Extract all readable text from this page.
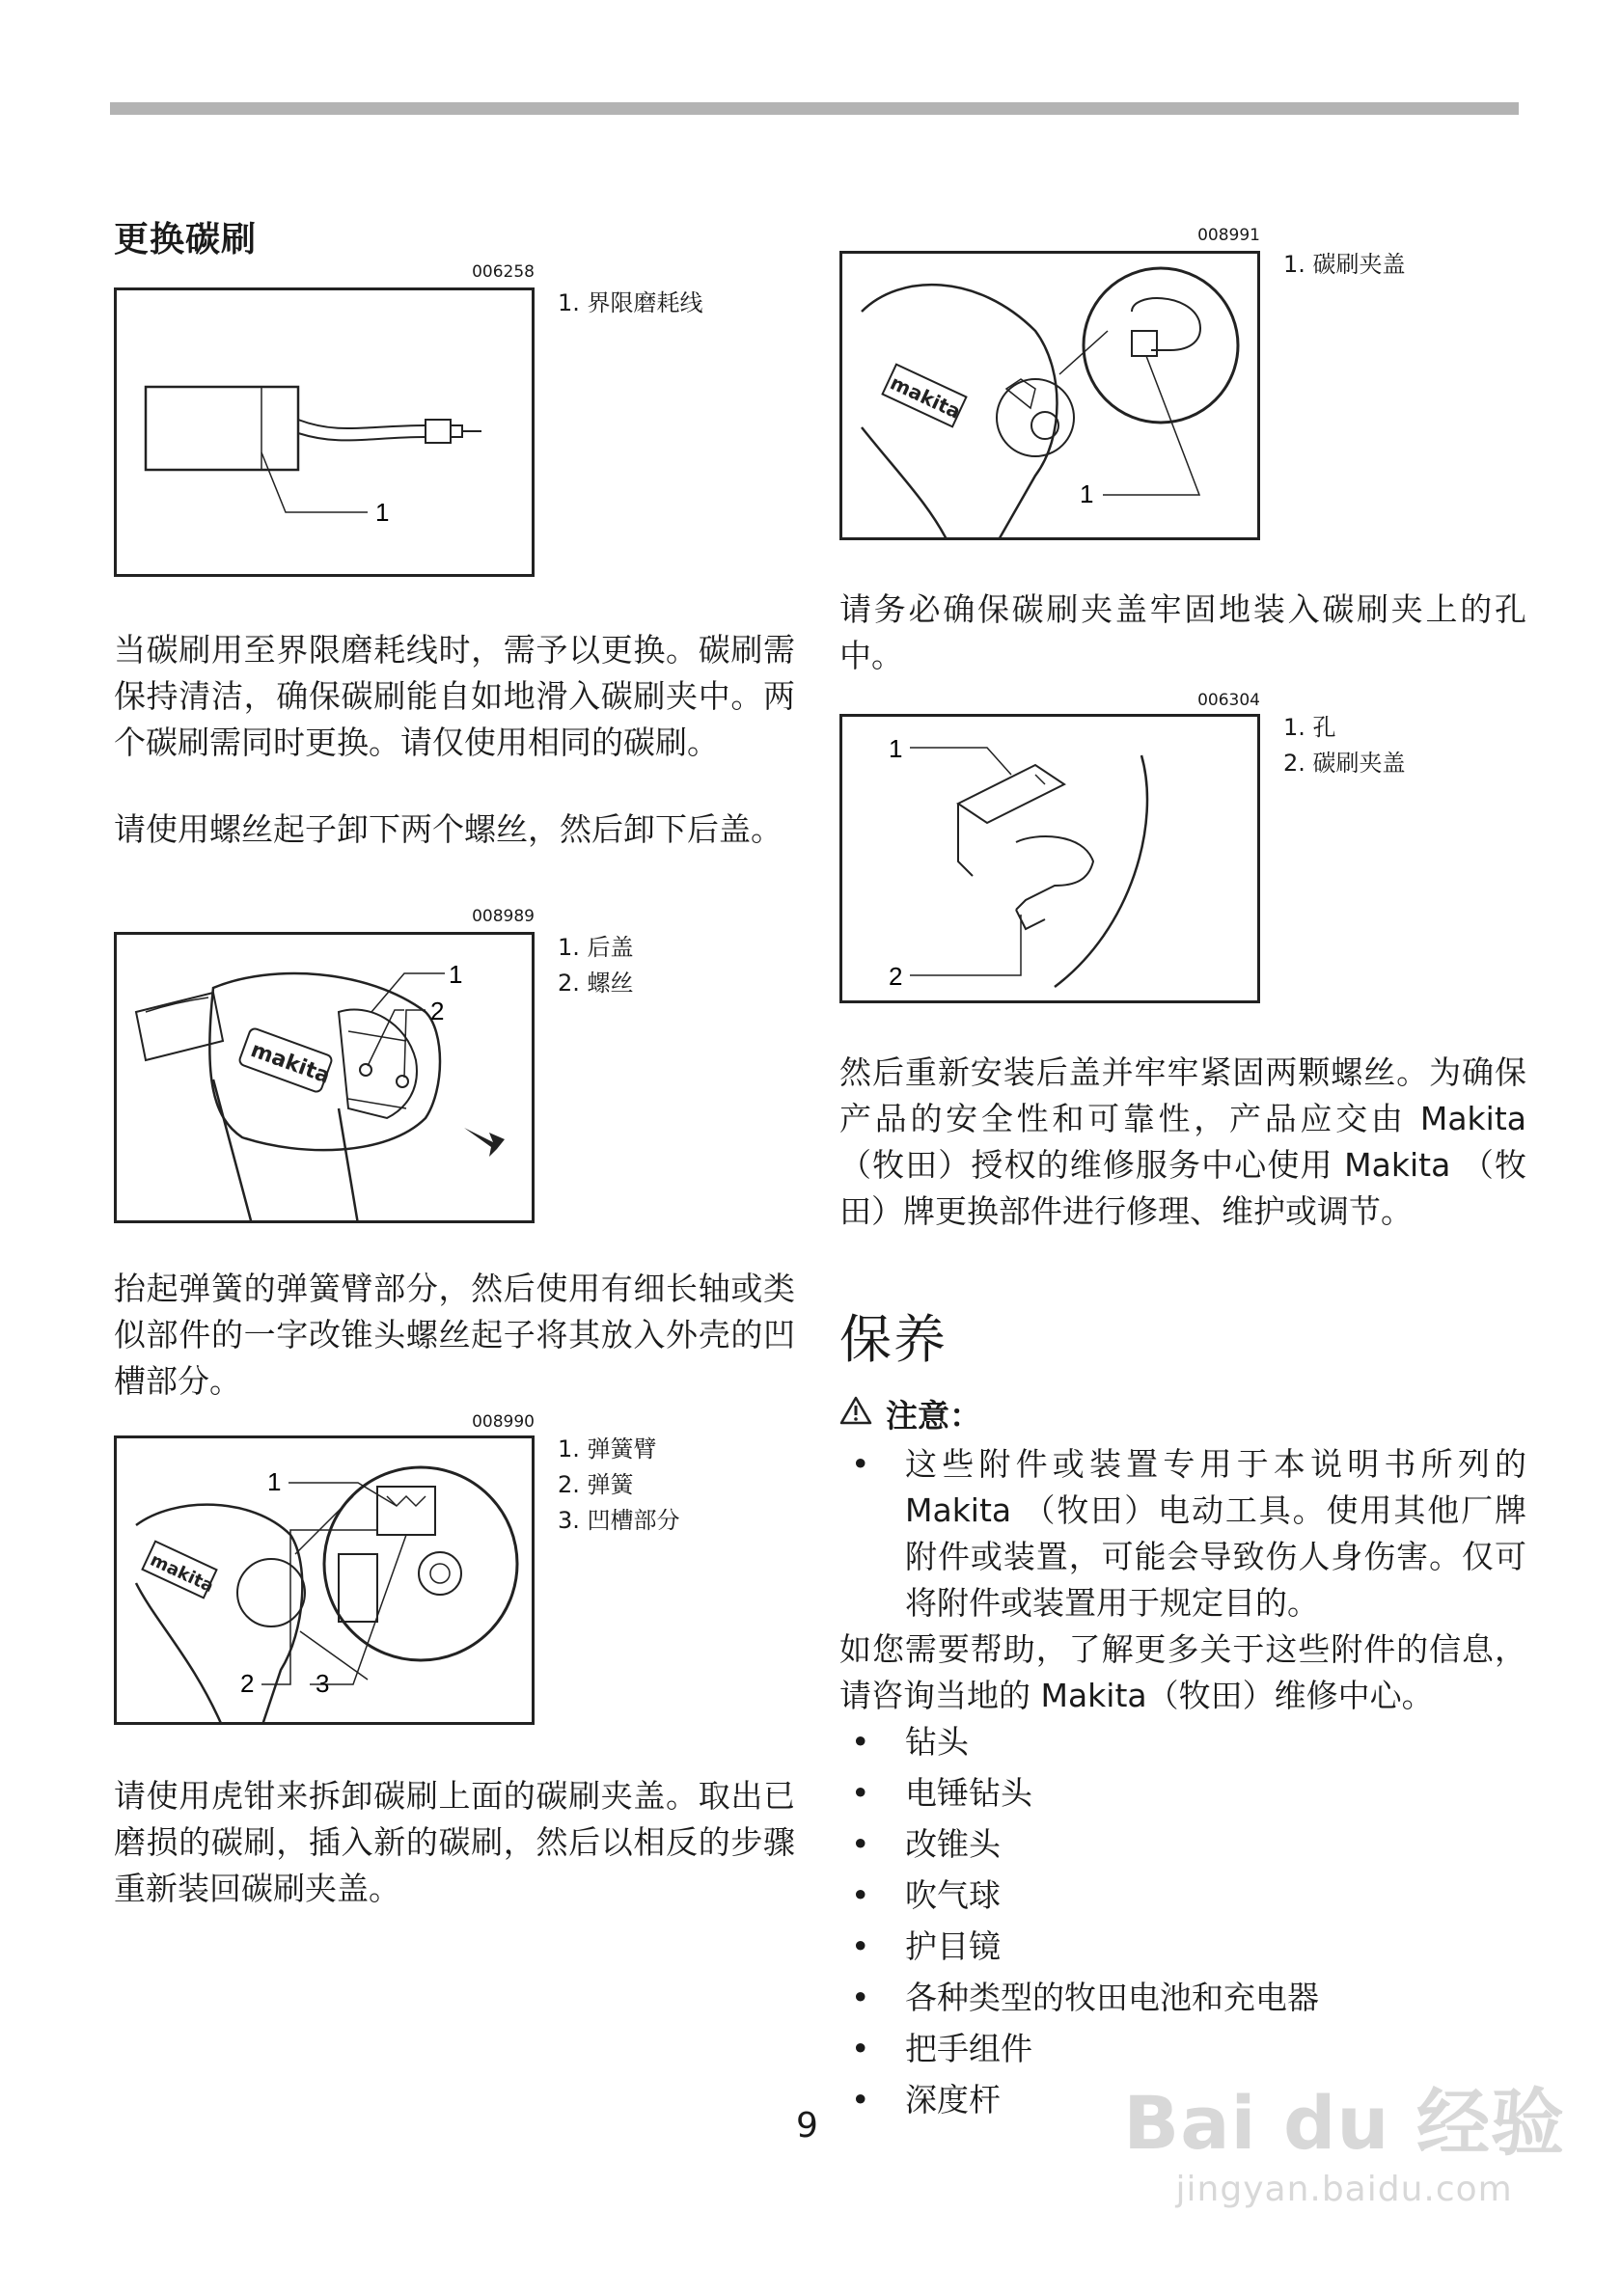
更换碳刷
006258
1
1. 界限磨耗线

当碳刷用至界限磨耗线时，需予以更换。碳刷需保持清洁，确保碳刷能自如地滑入碳刷夹中。两个碳刷需同时更换。请仅使用相同的碳刷。

请使用螺丝起子卸下两个螺丝，然后卸下后盖。

008989
makita
1
2
1. 后盖
2. 螺丝

抬起弹簧的弹簧臂部分，然后使用有细长轴或类似部件的一字改锥头螺丝起子将其放入外壳的凹槽部分。

008990
makita
1
2 3
1. 弹簧臂
2. 弹簧
3. 凹槽部分

请使用虎钳来拆卸碳刷上面的碳刷夹盖。取出已磨损的碳刷，插入新的碳刷，然后以相反的步骤重新装回碳刷夹盖。

008991
makita
1
1. 碳刷夹盖

请务必确保碳刷夹盖牢固地装入碳刷夹上的孔中。

006304
1
2
1. 孔
2. 碳刷夹盖

然后重新安装后盖并牢牢紧固两颗螺丝。为确保产品的安全性和可靠性，产品应交由 Makita （牧田）授权的维修服务中心使用 Makita （牧田）牌更换部件进行修理、维护或调节。

保养
注意：
• 这些附件或装置专用于本说明书所列的 Makita （牧田）电动工具。使用其他厂牌附件或装置，可能会导致伤人身伤害。仅可将附件或装置用于规定目的。

如您需要帮助，了解更多关于这些附件的信息，请咨询当地的 Makita（牧田）维修中心。

• 钻头
• 电锤钻头
• 改锥头
• 吹气球
• 护目镜
• 各种类型的牧田电池和充电器
• 把手组件
• 深度杆
9	Bai du 经验
jingyan.baidu.com
